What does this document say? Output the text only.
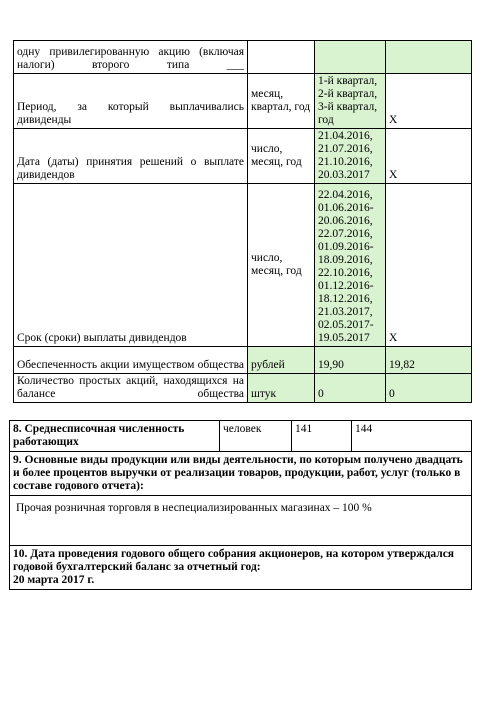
одну привилегированную акцию (включая налоги) второго типа ___			
Период, за который выплачивались дивиденды	месяц, квартал, год	1-й квартал, 2-й квартал, 3-й квартал, год	X
Дата (даты) принятия решений о выплате дивидендов	число, месяц, год	21.04.2016, 21.07.2016, 21.10.2016, 20.03.2017	X
Срок (сроки) выплаты дивидендов	число, месяц, год	22.04.2016, 01.06.2016-20.06.2016, 22.07.2016, 01.09.2016-18.09.2016, 22.10.2016, 01.12.2016-18.12.2016, 21.03.2017, 02.05.2017-19.05.2017	X
Обеспеченность акции имуществом общества	рублей	19,90	19,82
Количество простых акций, находящихся на балансе общества	штук	0	0
8. Среднесписочная численность работающих	человек	141	144
9. Основные виды продукции или виды деятельности, по которым получено двадцать и более процентов выручки от реализации товаров, продукции, работ, услуг (только в составе годового отчета):
Прочая розничная торговля в неспециализированных магазинах – 100 %

10. Дата проведения годового общего собрания акционеров, на котором утверждался годовой бухгалтерский баланс за отчетный год:
20 марта 2017 г.
